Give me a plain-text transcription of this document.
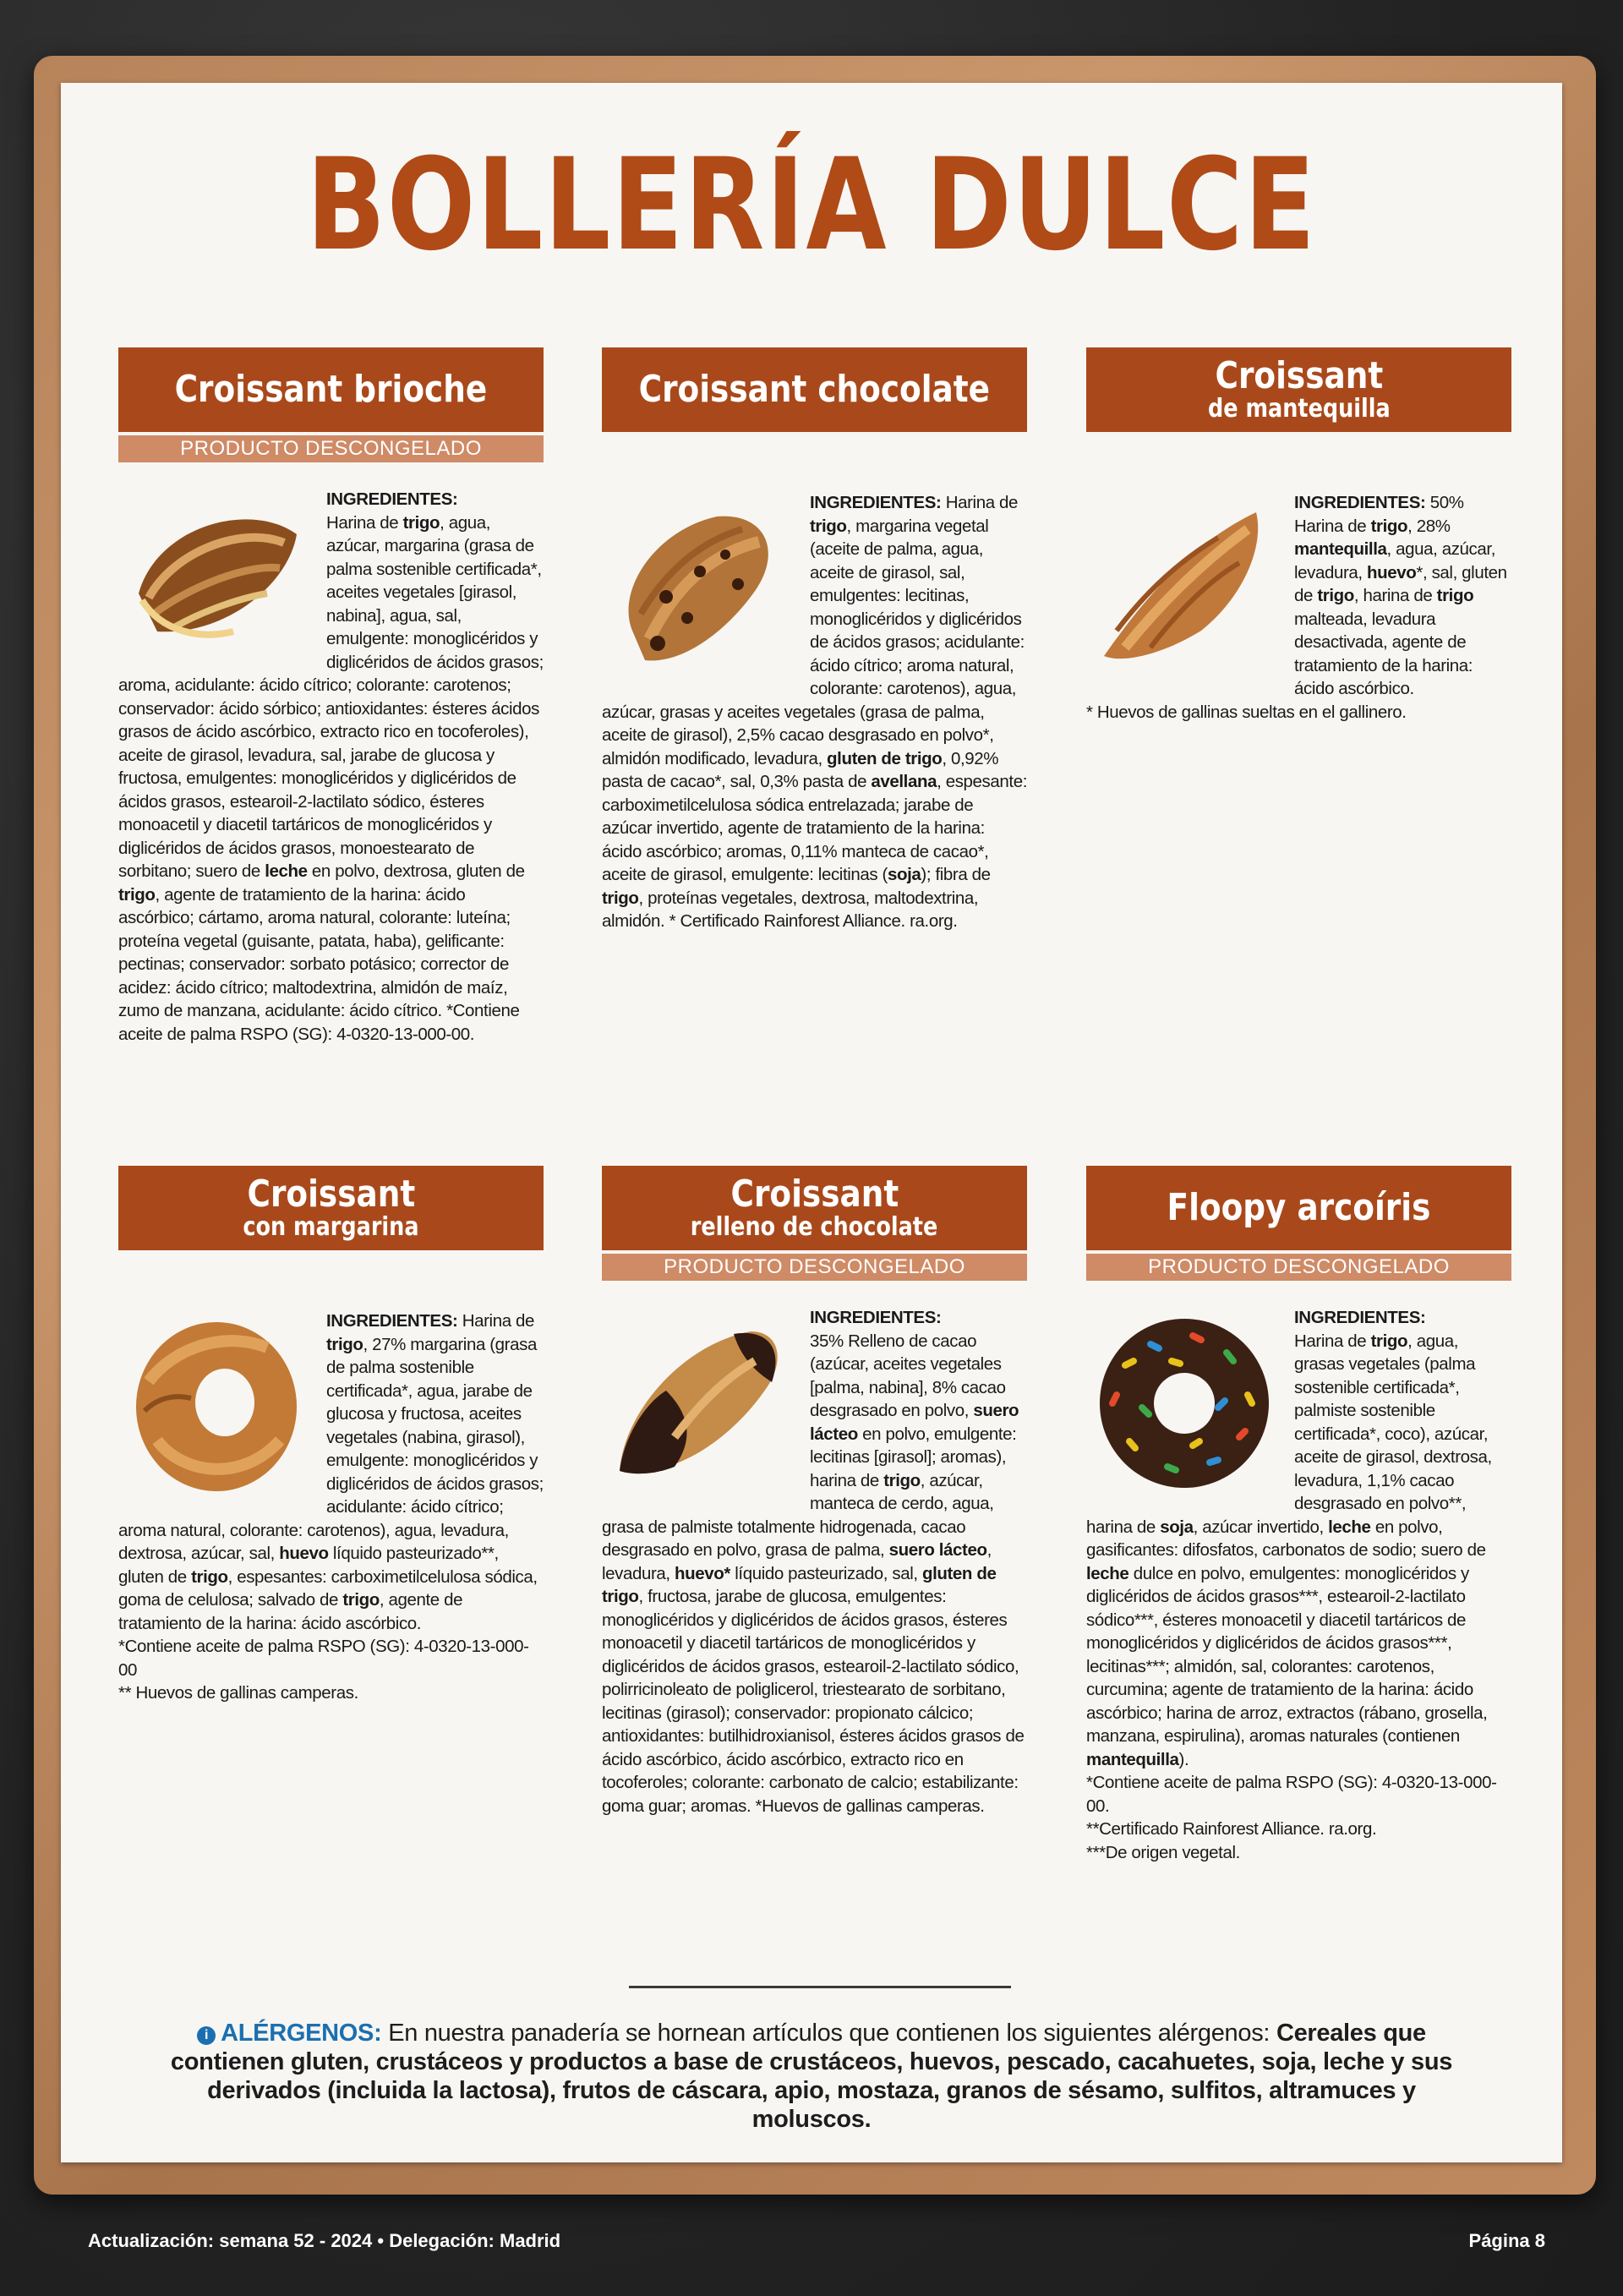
BOLLERÍA DULCE
Croissant brioche
PRODUCTO DESCONGELADO
INGREDIENTES:
Harina de trigo, agua, azúcar, margarina (grasa de palma sostenible certificada*, aceites vegetales [girasol, nabina], agua, sal, emulgente: monoglicéridos y diglicéridos de ácidos grasos; aroma, acidulante: ácido cítrico; colorante: carotenos; conservador: ácido sórbico; antioxidantes: ésteres ácidos grasos de ácido ascórbico, extracto rico en tocoferoles), aceite de girasol, levadura, sal, jarabe de glucosa y fructosa, emulgentes: monoglicéridos y diglicéridos de ácidos grasos, estearoil-2-lactilato sódico, ésteres monoacetil y diacetil tartáricos de monoglicéridos y diglicéridos de ácidos grasos, monoestearato de sorbitano; suero de leche en polvo, dextrosa, gluten de trigo, agente de tratamiento de la harina: ácido ascórbico; cártamo, aroma natural, colorante: luteína; proteína vegetal (guisante, patata, haba), gelificante: pectinas; conservador: sorbato potásico; corrector de acidez: ácido cítrico; maltodextrina, almidón de maíz, zumo de manzana, acidulante: ácido cítrico. *Contiene aceite de palma RSPO (SG): 4-0320-13-000-00.
Croissant chocolate
INGREDIENTES: Harina de trigo, margarina vegetal (aceite de palma, agua, aceite de girasol, sal, emulgentes: lecitinas, monoglicéridos y diglicéridos de ácidos grasos; acidulante: ácido cítrico; aroma natural, colorante: carotenos), agua, azúcar, grasas y aceites vegetales (grasa de palma, aceite de girasol), 2,5% cacao desgrasado en polvo*, almidón modificado, levadura, gluten de trigo, 0,92% pasta de cacao*, sal, 0,3% pasta de avellana, espesante: carboximetilcelulosa sódica entrelazada; jarabe de azúcar invertido, agente de tratamiento de la harina: ácido ascórbico; aromas, 0,11% manteca de cacao*, aceite de girasol, emulgente: lecitinas (soja); fibra de trigo, proteínas vegetales, dextrosa, maltodextrina, almidón. * Certificado Rainforest Alliance. ra.org.
Croissant
de mantequilla
INGREDIENTES: 50% Harina de trigo, 28% mantequilla, agua, azúcar, levadura, huevo*, sal, gluten de trigo, harina de trigo malteada, levadura desactivada, agente de tratamiento de la harina: ácido ascórbico.
* Huevos de gallinas sueltas en el gallinero.
Croissant
con margarina
INGREDIENTES: Harina de trigo, 27% margarina (grasa de palma sostenible certificada*, agua, jarabe de glucosa y fructosa, aceites vegetales (nabina, girasol), emulgente: monoglicéridos y diglicéridos de ácidos grasos; acidulante: ácido cítrico; aroma natural, colorante: carotenos), agua, levadura, dextrosa, azúcar, sal, huevo líquido pasteurizado**, gluten de trigo, espesantes: carboximetilcelulosa sódica, goma de celulosa; salvado de trigo, agente de tratamiento de la harina: ácido ascórbico.
*Contiene aceite de palma RSPO (SG): 4-0320-13-000-00
** Huevos de gallinas camperas.
Croissant
relleno de chocolate
PRODUCTO DESCONGELADO
INGREDIENTES:
35% Relleno de cacao (azúcar, aceites vegetales [palma, nabina], 8% cacao desgrasado en polvo, suero lácteo en polvo, emulgente: lecitinas [girasol]; aromas), harina de trigo, azúcar, manteca de cerdo, agua, grasa de palmiste totalmente hidrogenada, cacao desgrasado en polvo, grasa de palma, suero lácteo, levadura, huevo* líquido pasteurizado, sal, gluten de trigo, fructosa, jarabe de glucosa, emulgentes: monoglicéridos y diglicéridos de ácidos grasos, ésteres monoacetil y diacetil tartáricos de monoglicéridos y diglicéridos de ácidos grasos, estearoil-2-lactilato sódico, polirricinoleato de poliglicerol, triestearato de sorbitano, lecitinas (girasol); conservador: propionato cálcico; antioxidantes: butilhidroxianisol, ésteres ácidos grasos de ácido ascórbico, ácido ascórbico, extracto rico en tocoferoles; colorante: carbonato de calcio; estabilizante: goma guar; aromas. *Huevos de gallinas camperas.
Floopy arcoíris
PRODUCTO DESCONGELADO
INGREDIENTES:
Harina de trigo, agua, grasas vegetales (palma sostenible certificada*, palmiste sostenible certificada*, coco), azúcar, aceite de girasol, dextrosa, levadura, 1,1% cacao desgrasado en polvo**, harina de soja, azúcar invertido, leche en polvo, gasificantes: difosfatos, carbonatos de sodio; suero de leche dulce en polvo, emulgentes: monoglicéridos y diglicéridos de ácidos grasos***, estearoil-2-lactilato sódico***, ésteres monoacetil y diacetil tartáricos de monoglicéridos y diglicéridos de ácidos grasos***, lecitinas***; almidón, sal, colorantes: carotenos, curcumina; agente de tratamiento de la harina: ácido ascórbico; harina de arroz, extractos (rábano, grosella, manzana, espirulina), aromas naturales (contienen mantequilla).
*Contiene aceite de palma RSPO (SG): 4-0320-13-000-00.
**Certificado Rainforest Alliance. ra.org.
***De origen vegetal.
i ALÉRGENOS: En nuestra panadería se hornean artículos que contienen los siguientes alérgenos: Cereales que contienen gluten, crustáceos y productos a base de crustáceos, huevos, pescado, cacahuetes, soja, leche y sus derivados (incluida la lactosa), frutos de cáscara, apio, mostaza, granos de sésamo, sulfitos, altramuces y moluscos.
Actualización: semana 52 - 2024 • Delegación: Madrid	Página 8
